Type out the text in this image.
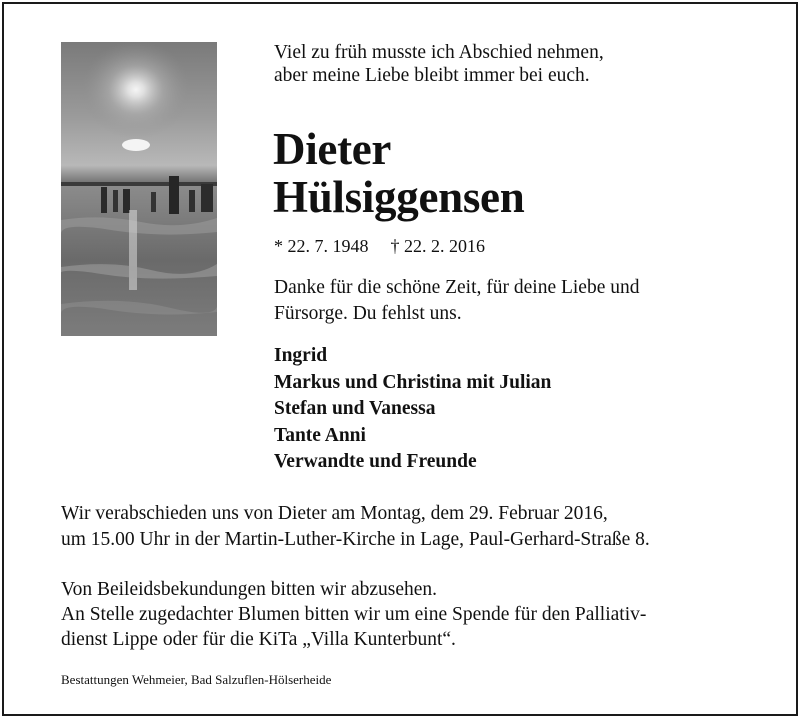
Viel zu früh musste ich Abschied nehmen,
aber meine Liebe bleibt immer bei euch.
Dieter
Hülsiggensen
* 22. 7. 1948 † 22. 2. 2016
Danke für die schöne Zeit, für deine Liebe und
Fürsorge. Du fehlst uns.
Ingrid
Markus und Christina mit Julian
Stefan und Vanessa
Tante Anni
Verwandte und Freunde
Wir verabschieden uns von Dieter am Montag, dem 29. Februar 2016,
um 15.00 Uhr in der Martin-Luther-Kirche in Lage, Paul-Gerhard-Straße 8.
Von Beileidsbekundungen bitten wir abzusehen.
An Stelle zugedachter Blumen bitten wir um eine Spende für den Palliativ-
dienst Lippe oder für die KiTa „Villa Kunterbunt“.
Bestattungen Wehmeier, Bad Salzuflen-Hölserheide
